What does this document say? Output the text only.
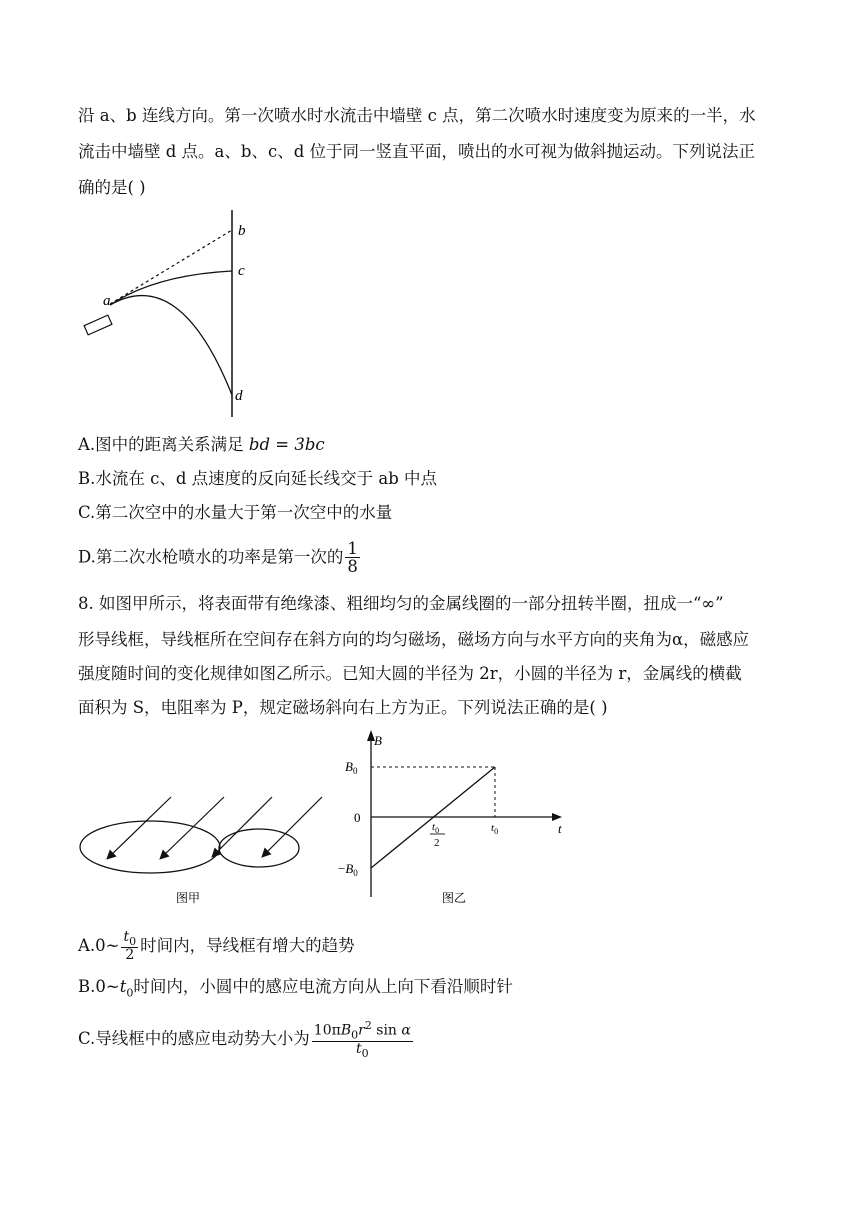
沿 a、b 连线方向。第一次喷水时水流击中墙壁 c 点，第二次喷水时速度变为原来的一半，水
流击中墙壁 d 点。a、b、c、d 位于同一竖直平面，喷出的水可视为做斜抛运动。下列说法正
确的是( )
b
c
a
d
A.图中的距离关系满足 bd = 3bc
B.水流在 c、d 点速度的反向延长线交于 ab 中点
C.第二次空中的水量大于第一次空中的水量
D.第二次水枪喷水的功率是第一次的 $\frac{1}{8}$
8. 如图甲所示，将表面带有绝缘漆、粗细均匀的金属线圈的一部分扭转半圈，扭成一“∞”
形导线框，导线框所在空间存在斜方向的均匀磁场，磁场方向与水平方向的夹角为α，磁感应
强度随时间的变化规律如图乙所示。已知大圆的半径为 2r，小圆的半径为 r，金属线的横截
面积为 S，电阻率为 P，规定磁场斜向右上方为正。下列说法正确的是( )
图甲
B
t
0
$B_0$
$-B_0$
$t_0$
2
$t_0$
图乙
A.0~ $\frac{t_0}{2}$ 时间内，导线框有增大的趋势
$B.0\sim t_0$时间内，小圆中的感应电流方向从上向下看沿顺时针
C.导线框中的感应电动势大小为 $\frac{10\pi B_0r^2 \sin \alpha}{t_0}$
